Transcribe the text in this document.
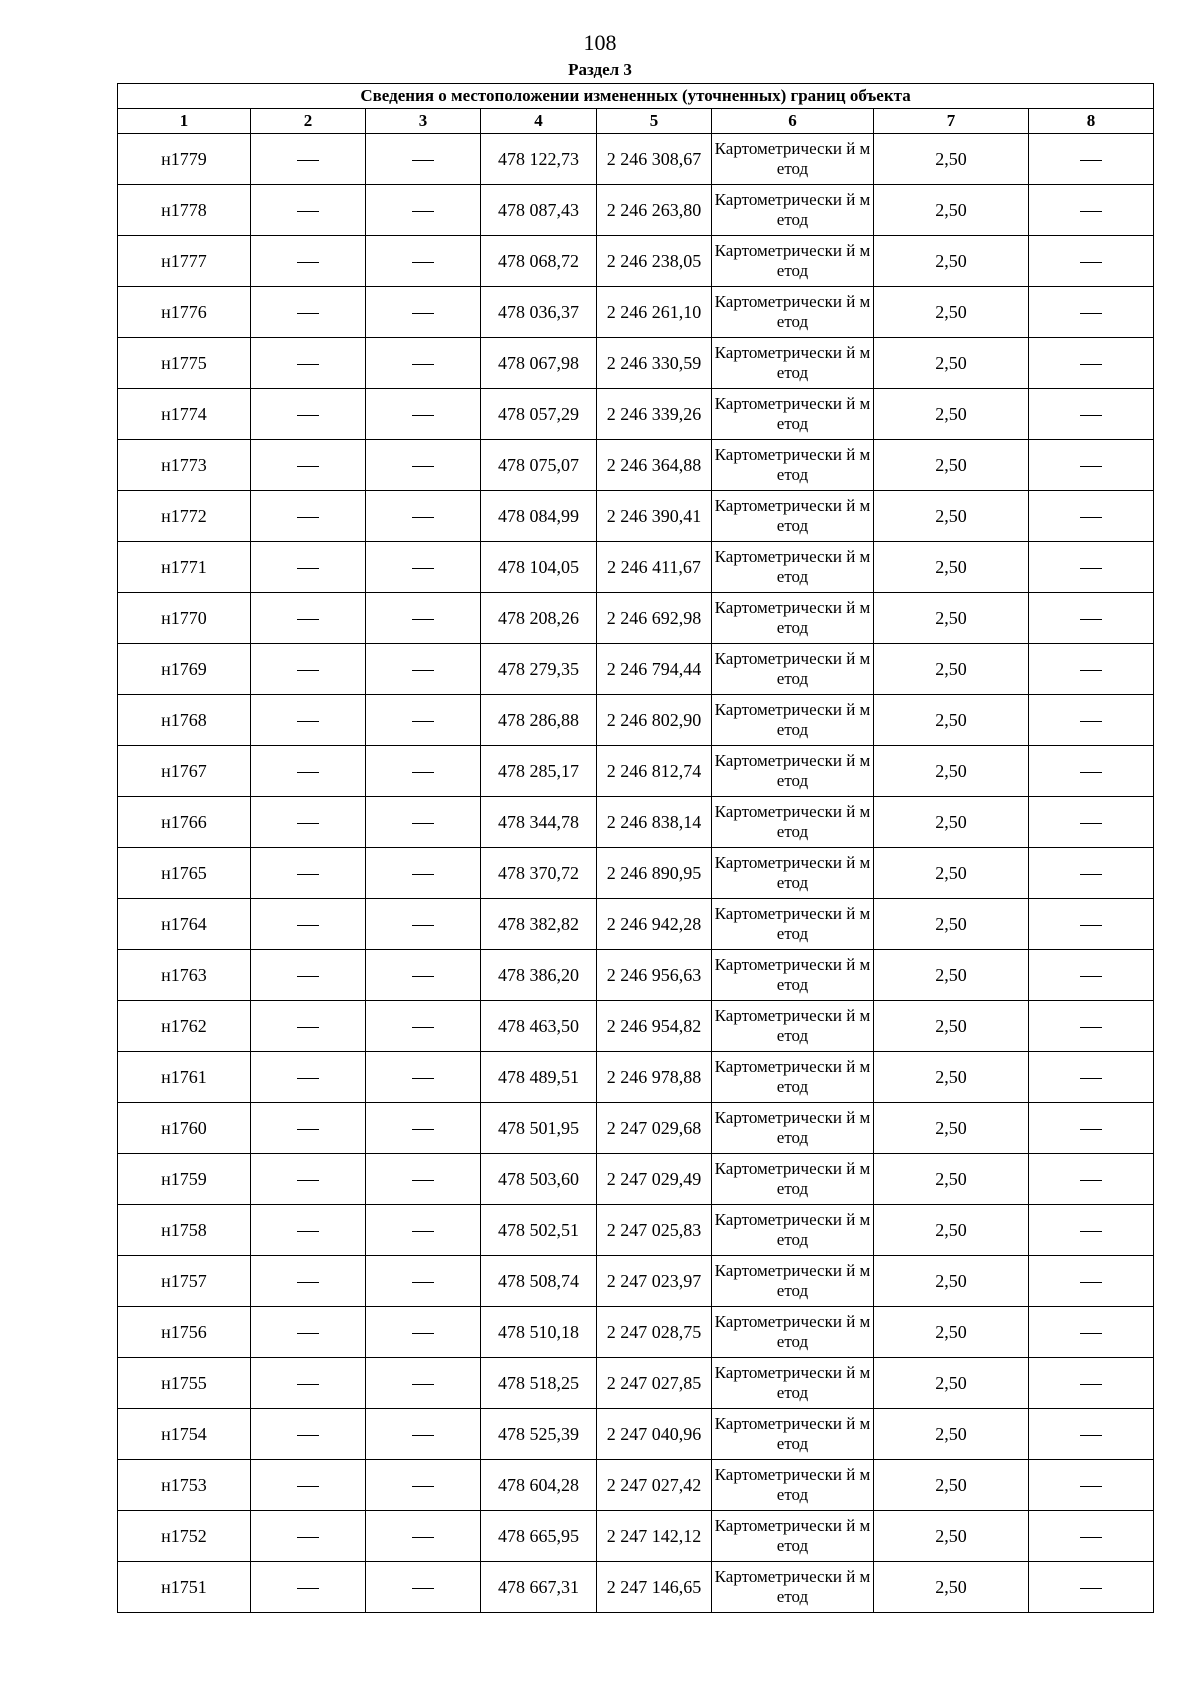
108
Раздел 3
Сведения о местоположении измененных (уточненных) границ объекта							
1	2	3	4	5	6	7	8
н1779			478 122,73	2 246 308,67	Картометрически й метод	2,50	
н1778			478 087,43	2 246 263,80	Картометрически й метод	2,50	
н1777			478 068,72	2 246 238,05	Картометрически й метод	2,50	
н1776			478 036,37	2 246 261,10	Картометрически й метод	2,50	
н1775			478 067,98	2 246 330,59	Картометрически й метод	2,50	
н1774			478 057,29	2 246 339,26	Картометрически й метод	2,50	
н1773			478 075,07	2 246 364,88	Картометрически й метод	2,50	
н1772			478 084,99	2 246 390,41	Картометрически й метод	2,50	
н1771			478 104,05	2 246 411,67	Картометрически й метод	2,50	
н1770			478 208,26	2 246 692,98	Картометрически й метод	2,50	
н1769			478 279,35	2 246 794,44	Картометрически й метод	2,50	
н1768			478 286,88	2 246 802,90	Картометрически й метод	2,50	
н1767			478 285,17	2 246 812,74	Картометрически й метод	2,50	
н1766			478 344,78	2 246 838,14	Картометрически й метод	2,50	
н1765			478 370,72	2 246 890,95	Картометрически й метод	2,50	
н1764			478 382,82	2 246 942,28	Картометрически й метод	2,50	
н1763			478 386,20	2 246 956,63	Картометрически й метод	2,50	
н1762			478 463,50	2 246 954,82	Картометрически й метод	2,50	
н1761			478 489,51	2 246 978,88	Картометрически й метод	2,50	
н1760			478 501,95	2 247 029,68	Картометрически й метод	2,50	
н1759			478 503,60	2 247 029,49	Картометрически й метод	2,50	
н1758			478 502,51	2 247 025,83	Картометрически й метод	2,50	
н1757			478 508,74	2 247 023,97	Картометрически й метод	2,50	
н1756			478 510,18	2 247 028,75	Картометрически й метод	2,50	
н1755			478 518,25	2 247 027,85	Картометрически й метод	2,50	
н1754			478 525,39	2 247 040,96	Картометрически й метод	2,50	
н1753			478 604,28	2 247 027,42	Картометрически й метод	2,50	
н1752			478 665,95	2 247 142,12	Картометрически й метод	2,50	
н1751			478 667,31	2 247 146,65	Картометрически й метод	2,50	
